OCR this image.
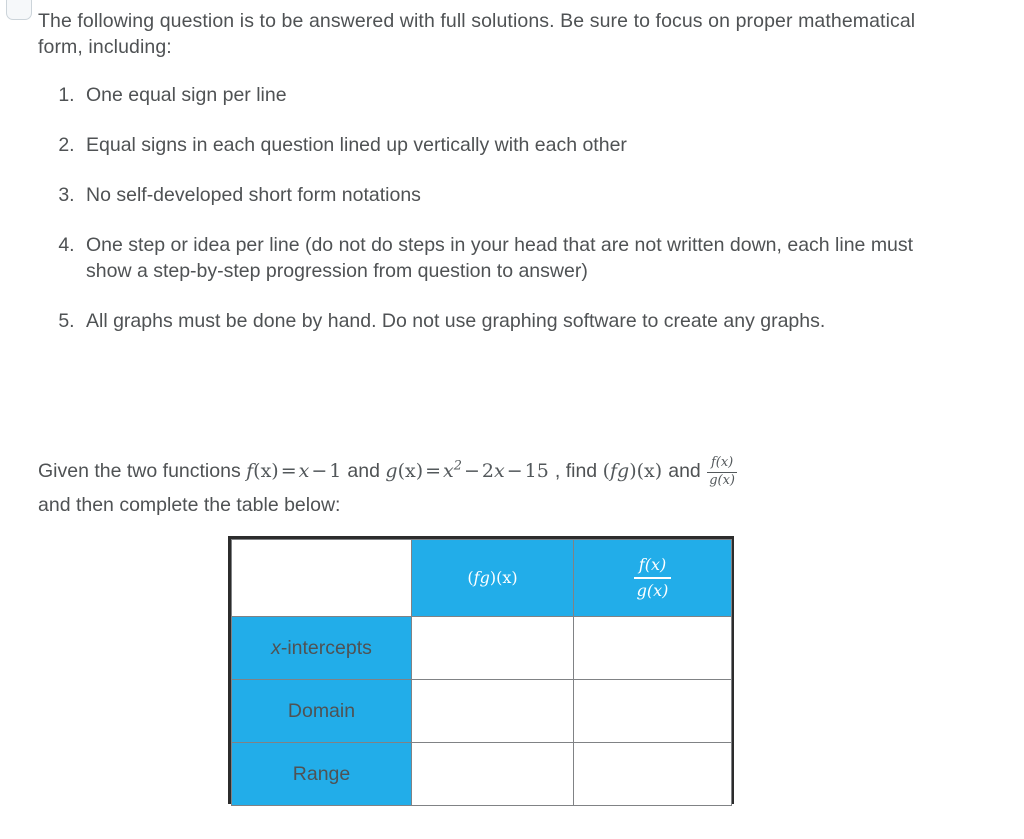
The following question is to be answered with full solutions. Be sure to focus on proper mathematical form, including:

1. One equal sign per line
2. Equal signs in each question lined up vertically with each other
3. No self-developed short form notations
4. One step or idea per line (do not do steps in your head that are not written down, each line must show a step-by-step progression from question to answer)
5. All graphs must be done by hand. Do not use graphing software to create any graphs.
Given the two functions f(x) = x − 1 and $g(x) = x^2 - 2x - 15$ , find (fg)(x) and $\frac{f(x)}{g(x)}$
and then complete the table below:
	(fg)(x)	$\frac{f(x)}{g(x)}$

x-intercepts		
Domain		
Range		
